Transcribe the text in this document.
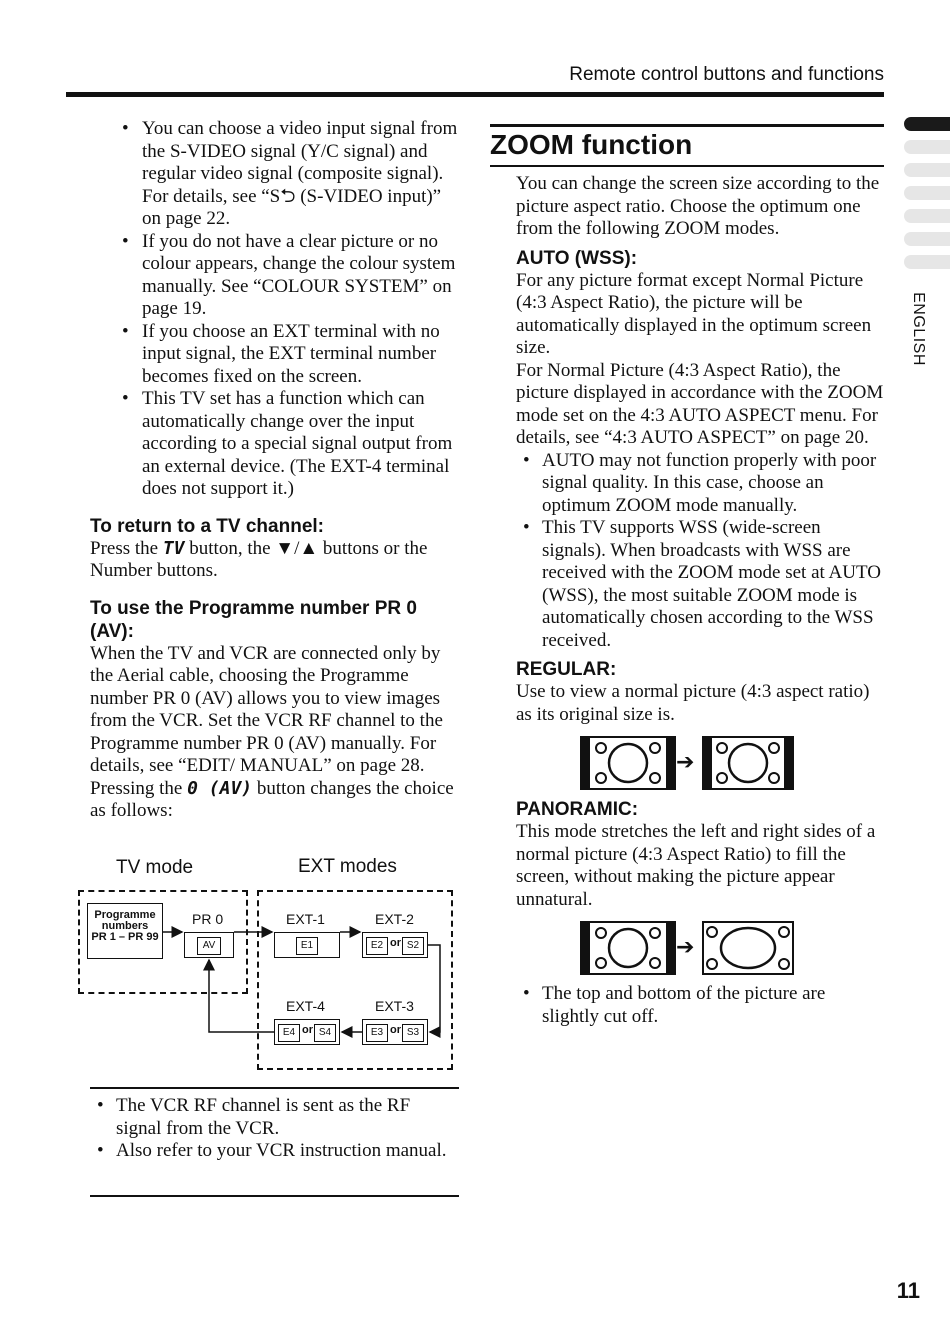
Remote control buttons and functions
ENGLISH
• You can choose a video input signal from the S-VIDEO signal (Y/C signal) and regular video signal (composite signal). For details, see “S⮌ (S-VIDEO input)” on page 22.
• If you do not have a clear picture or no colour appears, change the colour system manually. See “COLOUR SYSTEM” on page 19.
• If you choose an EXT terminal with no input signal, the EXT terminal number becomes fixed on the screen.
• This TV set has a function which can automatically change over the input according to a special signal output from an external device. (The EXT-4 terminal does not support it.)
To return to a TV channel:

Press the TV button, the ▼/▲ buttons or the Number buttons.

To use the Programme number PR 0 (AV):

When the TV and VCR are connected only by the Aerial cable, choosing the Programme number PR 0 (AV) allows you to view images from the VCR. Set the VCR RF channel to the Programme number PR 0 (AV) manually. For details, see “EDIT/ MANUAL” on page 28.

Pressing the 0 (AV) button changes the choice as follows:

TV mode	EXT modes
Programme numbers
PR 1 – PR 99
PR 0
AV
EXT-1
E1
EXT-2
E2 or S2
EXT-4
E4 or S4
EXT-3
E3 or S3
• The VCR RF channel is sent as the RF signal from the VCR.
• Also refer to your VCR instruction manual.
ZOOM function

You can change the screen size according to the picture aspect ratio. Choose the optimum one from the following ZOOM modes.

AUTO (WSS):

For any picture format except Normal Picture (4:3 Aspect Ratio), the picture will be automatically displayed in the optimum screen size.

For Normal Picture (4:3 Aspect Ratio), the picture displayed in accordance with the ZOOM mode set on the 4:3 AUTO ASPECT menu. For details, see “4:3 AUTO ASPECT” on page 20.

• AUTO may not function properly with poor signal quality. In this case, choose an optimum ZOOM mode manually.
• This TV supports WSS (wide-screen signals). When broadcasts with WSS are received with the ZOOM mode set at AUTO (WSS), the most suitable ZOOM mode is automatically chosen according to the WSS received.
REGULAR:

Use to view a normal picture (4:3 aspect ratio) as its original size is.

➔
PANORAMIC:

This mode stretches the left and right sides of a normal picture (4:3 Aspect Ratio) to fill the screen, without making the picture appear unnatural.

➔
• The top and bottom of the picture are slightly cut off.
11
